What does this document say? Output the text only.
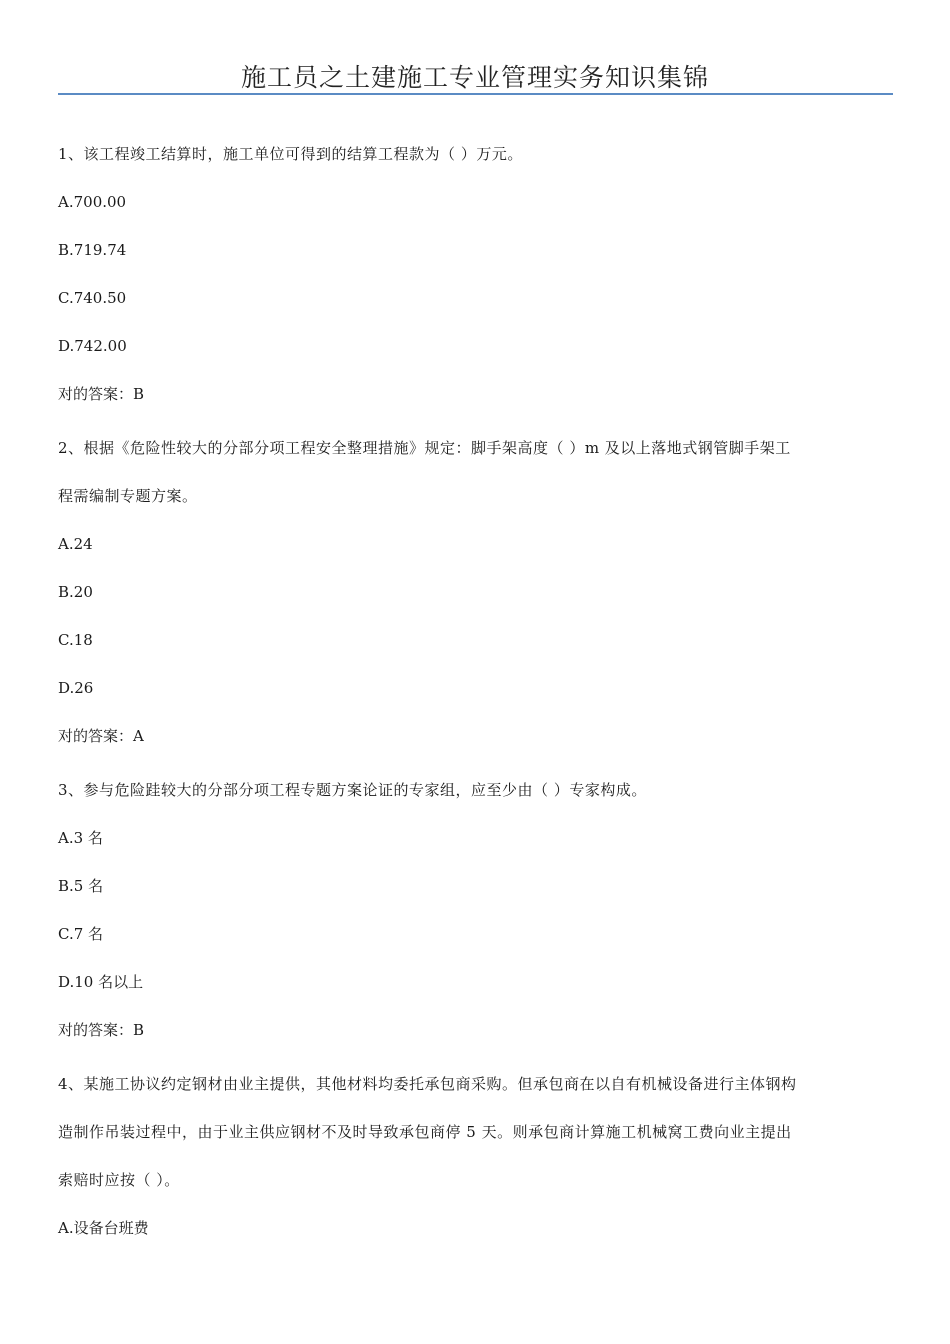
施工员之土建施工专业管理实务知识集锦
1、该工程竣工结算时，施工单位可得到的结算工程款为（ ）万元。
A.700.00
B.719.74
C.740.50
D.742.00
对的答案：B
2、根据《危险性较大的分部分项工程安全整理措施》规定：脚手架高度（ ）m 及以上落地式钢管脚手架工
程需编制专题方案。
A.24
B.20
C.18
D.26
对的答案：A
3、参与危险跬较大的分部分项工程专题方案论证的专家组，应至少由（ ）专家构成。
A.3 名
B.5 名
C.7 名
D.10 名以上
对的答案：B
4、某施工协议约定钢材由业主提供，其他材料均委托承包商采购。但承包商在以自有机械设备进行主体钢构
造制作吊装过程中，由于业主供应钢材不及时导致承包商停 5 天。则承包商计算施工机械窝工费向业主提出
索赔时应按（ ）。
A.设备台班费
